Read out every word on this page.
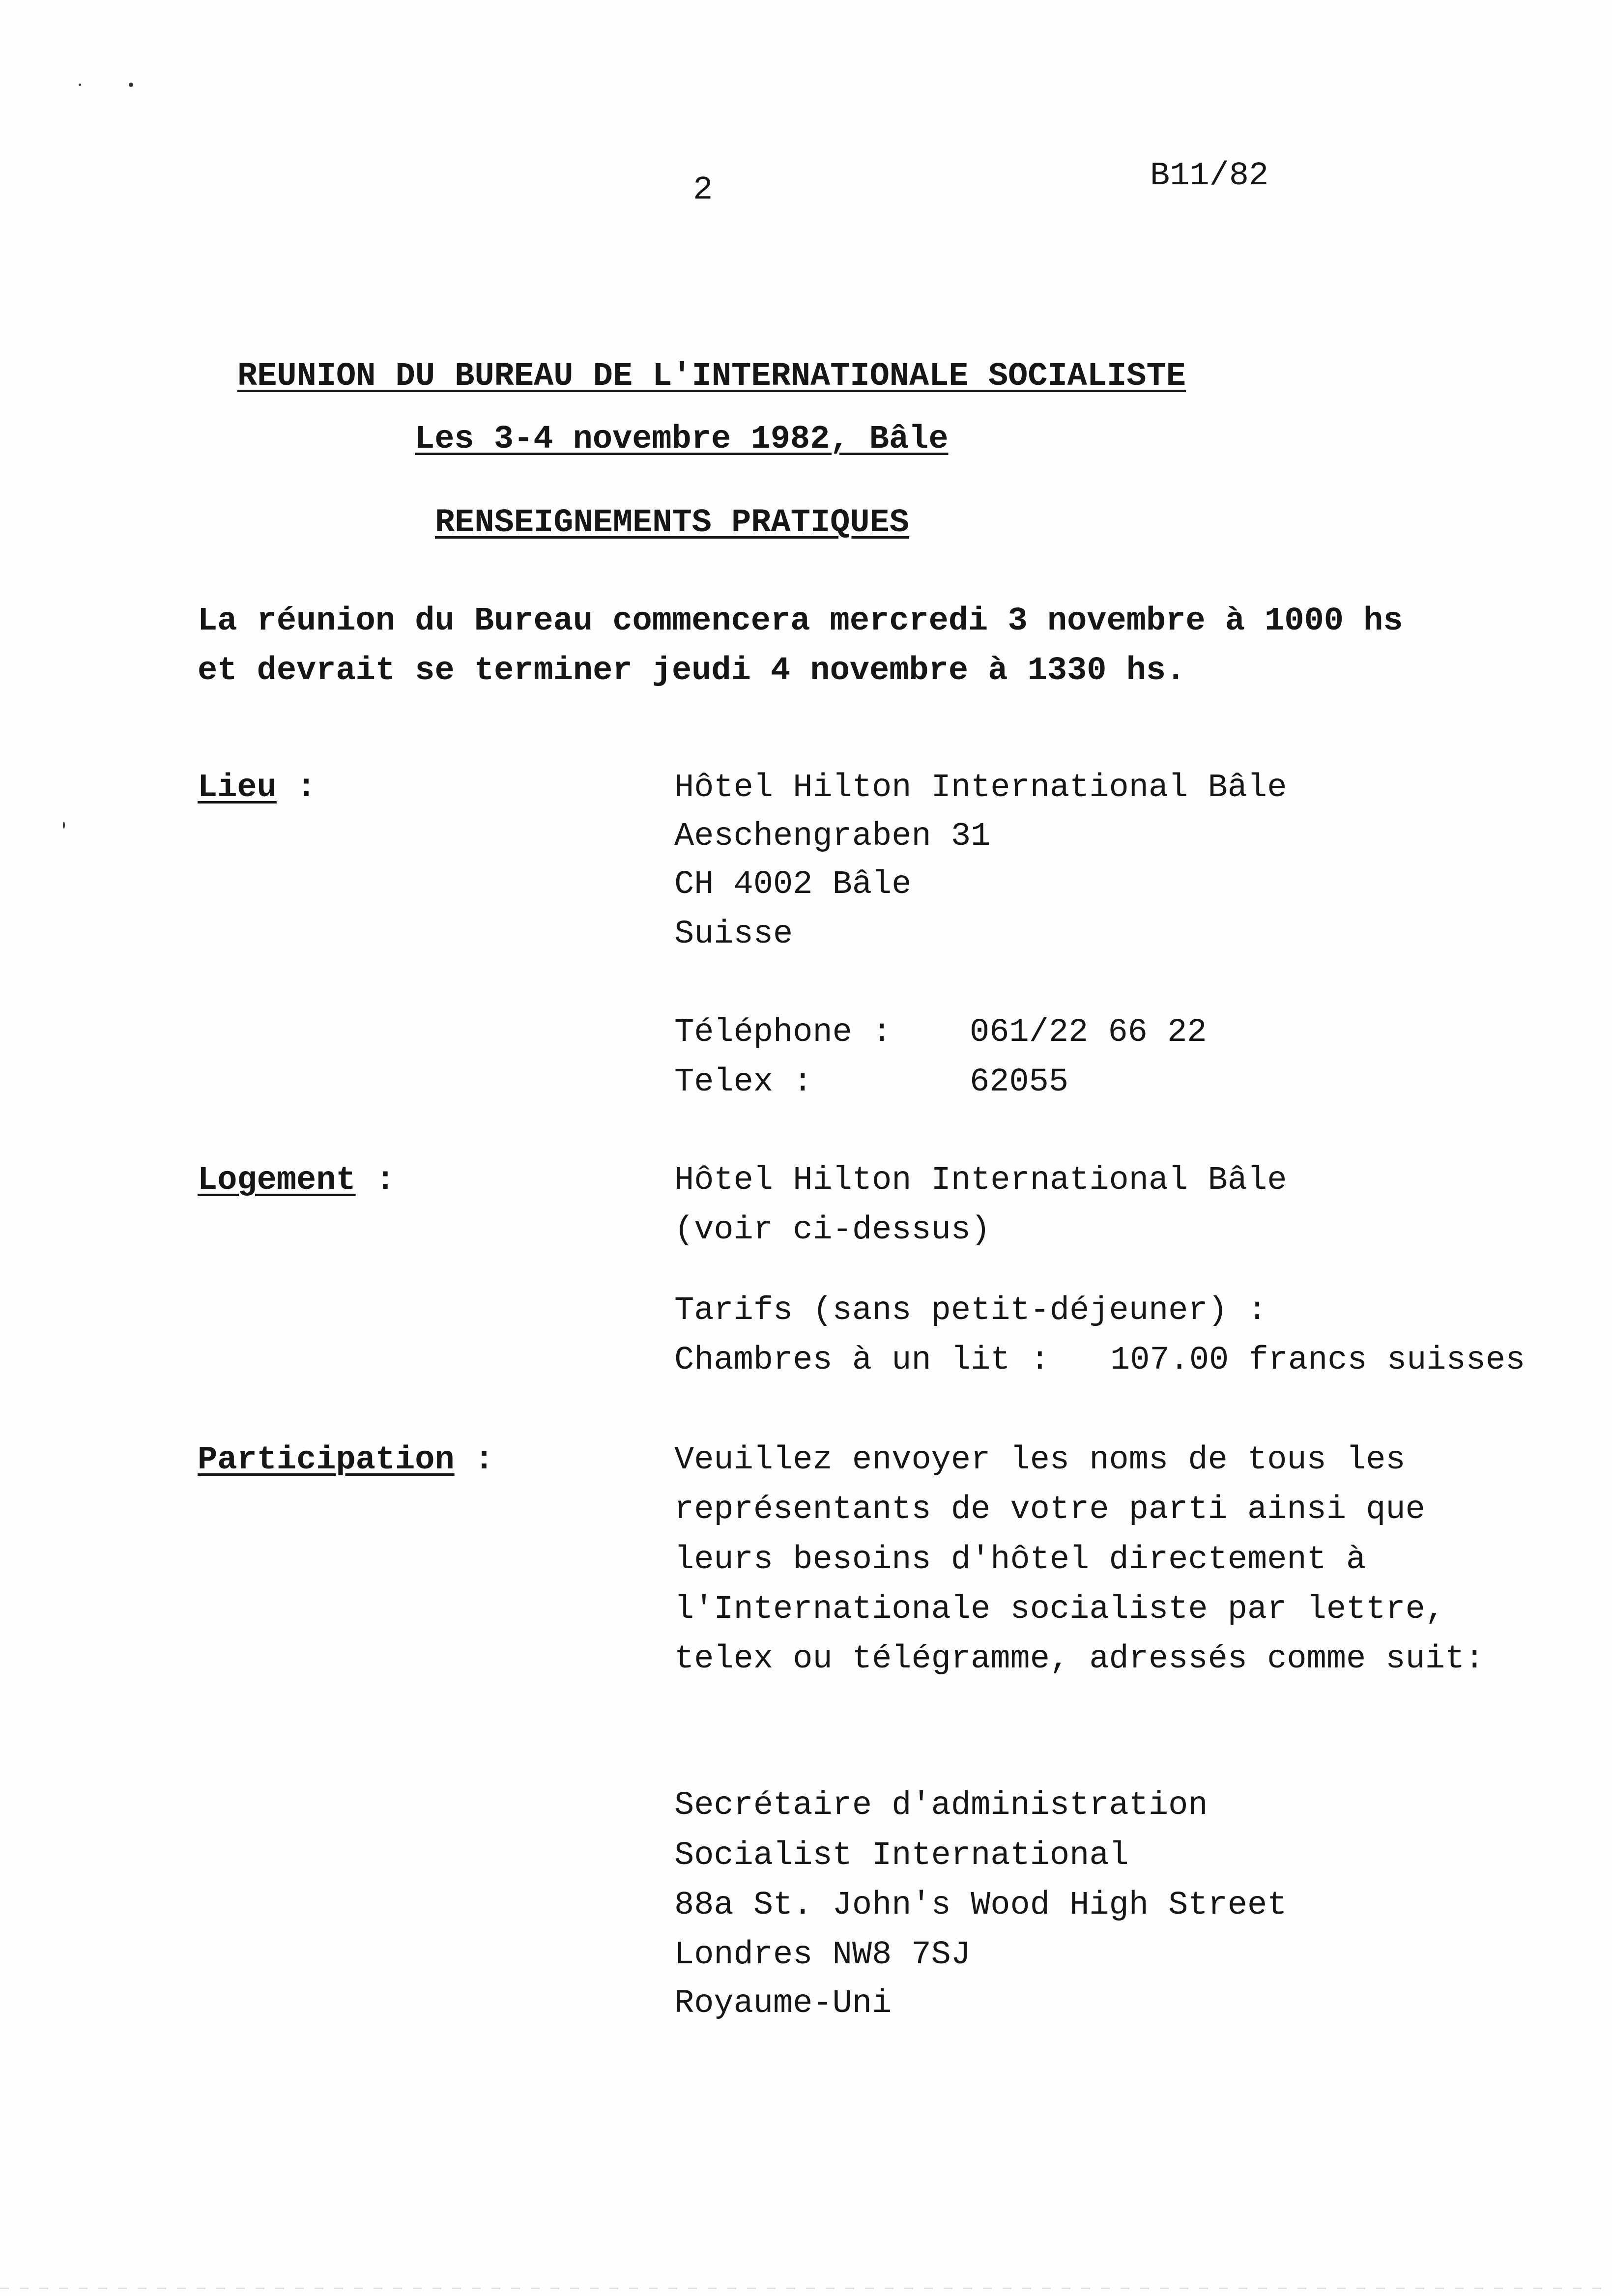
2	B11/82
REUNION DU BUREAU DE L'INTERNATIONALE SOCIALISTE
Les 3-4 novembre 1982, Bâle
RENSEIGNEMENTS PRATIQUES
La réunion du Bureau commencera mercredi 3 novembre à 1000 hs
et devrait se terminer jeudi 4 novembre à 1330 hs.
Lieu :	Hôtel Hilton International Bâle
Aeschengraben 31
CH 4002 Bâle
Suisse
Téléphone : 061/22 66 22
Telex :	62055
Logement :	Hôtel Hilton International Bâle
(voir ci-dessus)
Tarifs (sans petit-déjeuner) :
Chambres à un lit : 107.00 francs suisses
Participation :	Veuillez envoyer les noms de tous les
représentants de votre parti ainsi que
leurs besoins d'hôtel directement à
l'Internationale socialiste par lettre,
telex ou télégramme, adressés comme suit:
Secrétaire d'administration
Socialist International
88a St. John's Wood High Street
Londres NW8 7SJ
Royaume-Uni
